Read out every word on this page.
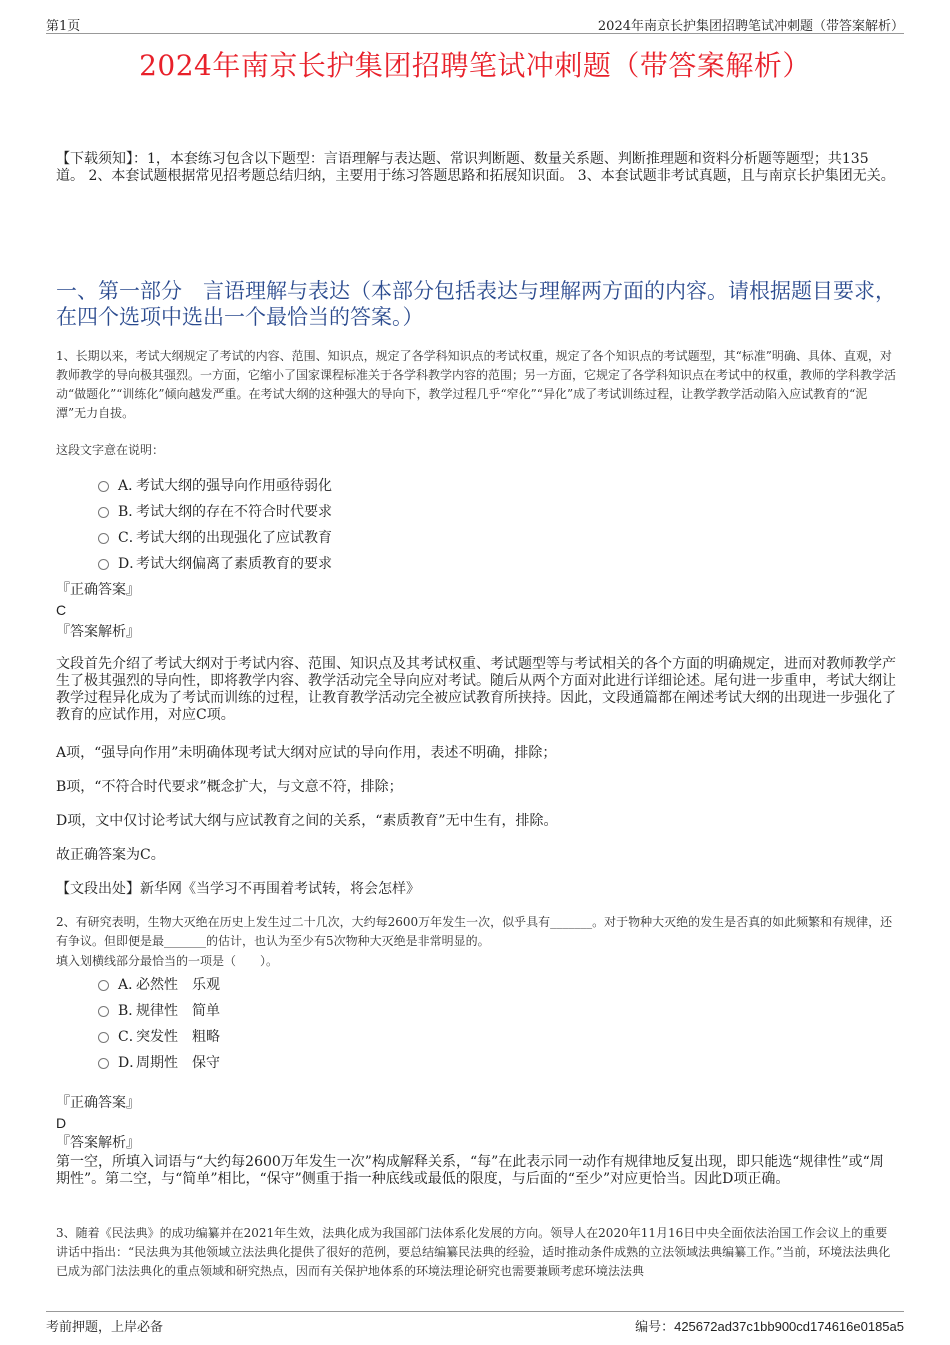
第1页	2024年南京长护集团招聘笔试冲刺题（带答案解析）
2024年南京长护集团招聘笔试冲刺题（带答案解析）
【下载须知】：1，本套练习包含以下题型：言语理解与表达题、常识判断题、数量关系题、判断推理题和资料分析题等题型；共135道。 2、本套试题根据常见招考题总结归纳，主要用于练习答题思路和拓展知识面。 3、本套试题非考试真题，且与南京长护集团无关。
一、第一部分　言语理解与表达（本部分包括表达与理解两方面的内容。请根据题目要求，在四个选项中选出一个最恰当的答案。）
1、长期以来，考试大纲规定了考试的内容、范围、知识点，规定了各学科知识点的考试权重，规定了各个知识点的考试题型，其“标准”明确、具体、直观，对教师教学的导向极其强烈。一方面，它缩小了国家课程标准关于各学科教学内容的范围；另一方面，它规定了各学科知识点在考试中的权重，教师的学科教学活动“做题化”“训练化”倾向越发严重。在考试大纲的这种强大的导向下，教学过程几乎“窄化”“异化”成了考试训练过程，让教学教学活动陷入应试教育的“泥潭”无力自拔。
这段文字意在说明：
A．考试大纲的强导向作用亟待弱化
B．考试大纲的存在不符合时代要求
C．考试大纲的出现强化了应试教育
D．考试大纲偏离了素质教育的要求
『正确答案』
C
『答案解析』
文段首先介绍了考试大纲对于考试内容、范围、知识点及其考试权重、考试题型等与考试相关的各个方面的明确规定，进而对教师教学产生了极其强烈的导向性，即将教学内容、教学活动完全导向应对考试。随后从两个方面对此进行详细论述。尾句进一步重申，考试大纲让教学过程异化成为了考试而训练的过程，让教育教学活动完全被应试教育所挟持。因此，文段通篇都在阐述考试大纲的出现进一步强化了教育的应试作用，对应C项。
A项，“强导向作用”未明确体现考试大纲对应试的导向作用，表述不明确，排除；
B项，“不符合时代要求”概念扩大，与文意不符，排除；
D项，文中仅讨论考试大纲与应试教育之间的关系，“素质教育”无中生有，排除。
故正确答案为C。
【文段出处】新华网《当学习不再围着考试转，将会怎样》
2、有研究表明，生物大灭绝在历史上发生过二十几次，大约每2600万年发生一次，似乎具有_______。对于物种大灭绝的发生是否真的如此频繁和有规律，还有争议。但即便是最_______的估计，也认为至少有5次物种大灭绝是非常明显的。
填入划横线部分最恰当的一项是（　　）。
A．必然性　乐观
B．规律性　简单
C．突发性　粗略
D．周期性　保守
『正确答案』
D
『答案解析』
第一空，所填入词语与“大约每2600万年发生一次”构成解释关系，“每”在此表示同一动作有规律地反复出现，即只能选“规律性”或“周期性”。第二空，与“简单”相比，“保守”侧重于指一种底线或最低的限度，与后面的“至少”对应更恰当。因此D项正确。
3、随着《民法典》的成功编纂并在2021年生效，法典化成为我国部门法体系化发展的方向。领导人在2020年11月16日中央全面依法治国工作会议上的重要讲话中指出：“民法典为其他领域立法法典化提供了很好的范例，要总结编纂民法典的经验，适时推动条件成熟的立法领域法典编纂工作。”当前，环境法法典化已成为部门法法典化的重点领域和研究热点，因而有关保护地体系的环境法理论研究也需要兼顾考虑环境法法典
考前押题，上岸必备	编号：425672ad37c1bb900cd174616e0185a5
